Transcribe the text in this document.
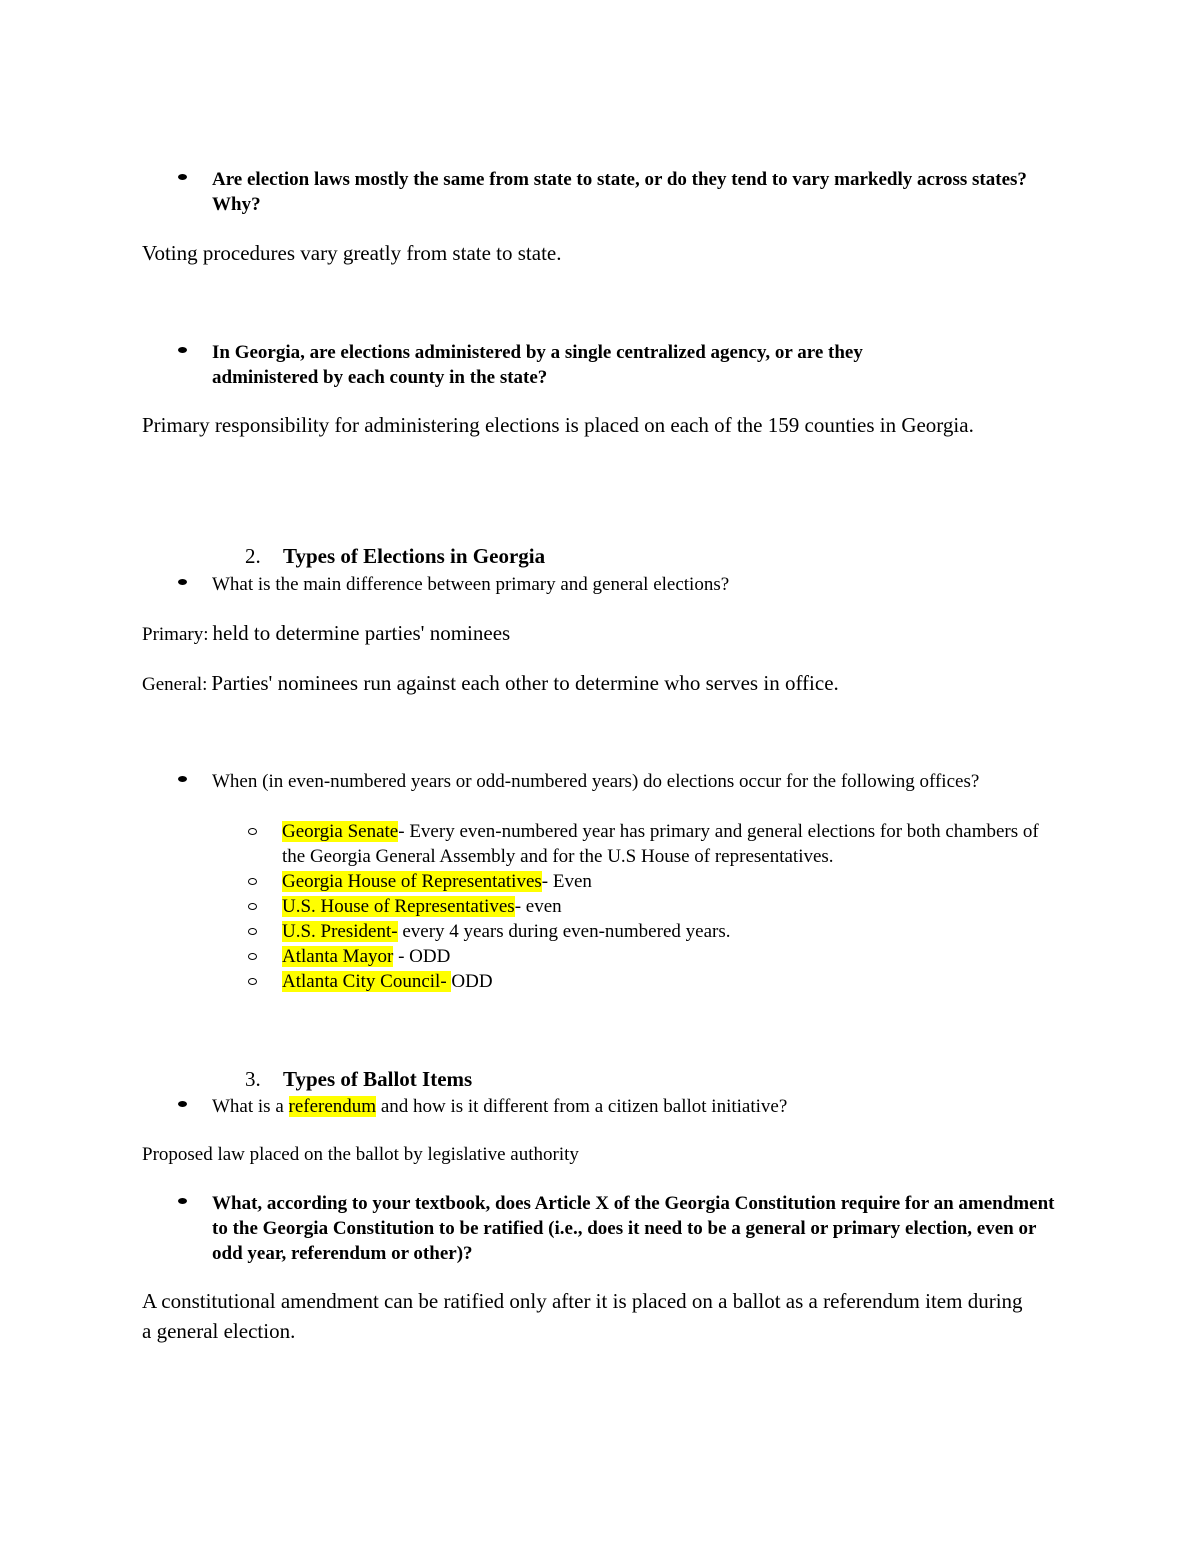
Are election laws mostly the same from state to state, or do they tend to vary markedly across states? Why?
Voting procedures vary greatly from state to state.
In Georgia, are elections administered by a single centralized agency, or are they administered by each county in the state?
Primary responsibility for administering elections is placed on each of the 159 counties in Georgia.
2. Types of Elections in Georgia
What is the main difference between primary and general elections?
Primary: held to determine parties' nominees
General: Parties' nominees run against each other to determine who serves in office.
When (in even-numbered years or odd-numbered years) do elections occur for the following offices?
Georgia Senate- Every even-numbered year has primary and general elections for both chambers of the Georgia General Assembly and for the U.S House of representatives.
Georgia House of Representatives- Even
U.S. House of Representatives- even
U.S. President- every 4 years during even-numbered years.
Atlanta Mayor - ODD
Atlanta City Council- ODD
3. Types of Ballot Items
What is a referendum and how is it different from a citizen ballot initiative?
Proposed law placed on the ballot by legislative authority
What, according to your textbook, does Article X of the Georgia Constitution require for an amendment to the Georgia Constitution to be ratified (i.e., does it need to be a general or primary election, even or odd year, referendum or other)?
A constitutional amendment can be ratified only after it is placed on a ballot as a referendum item during a general election.
